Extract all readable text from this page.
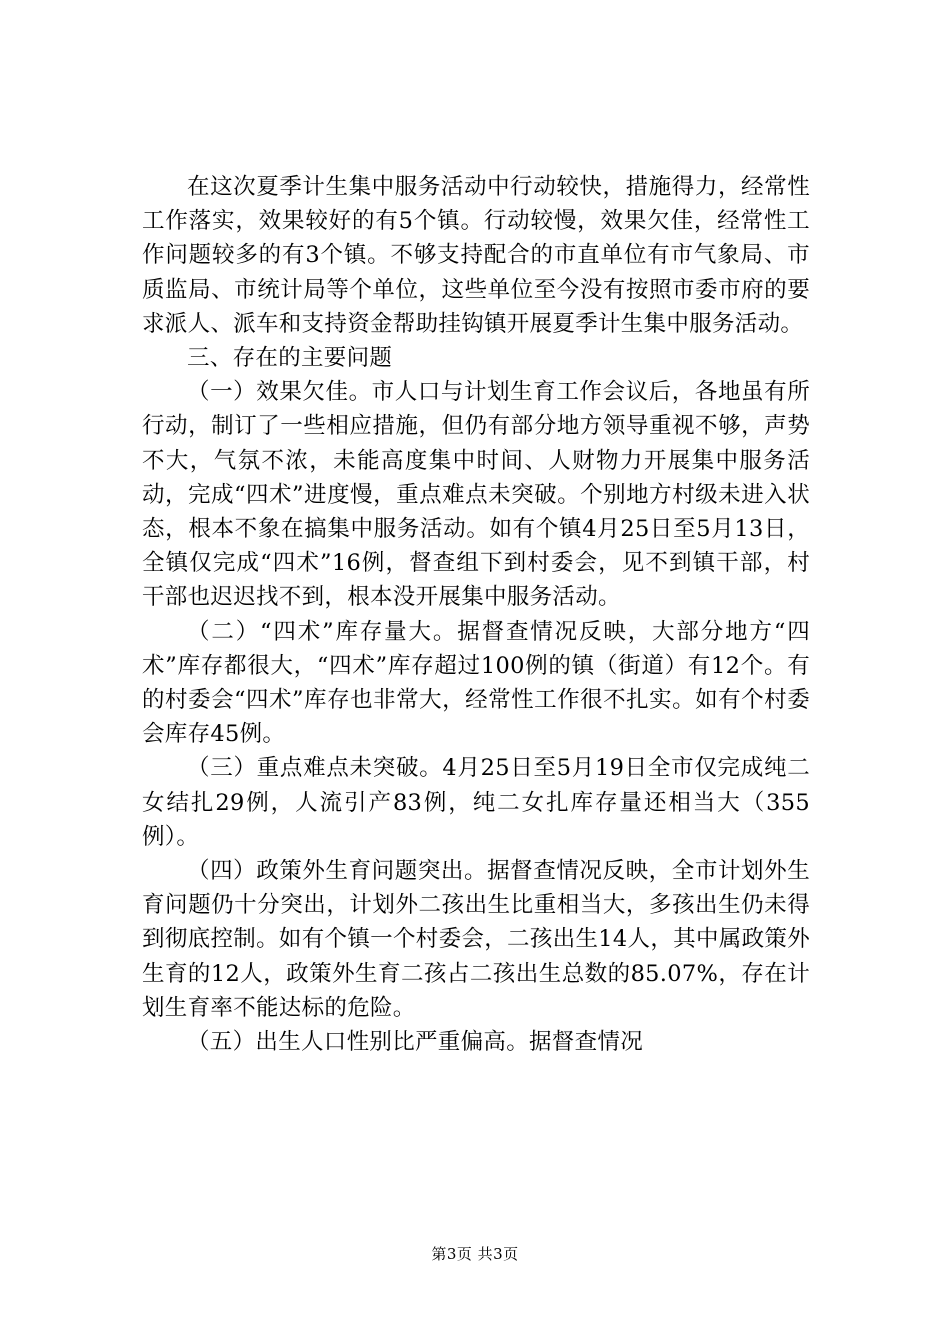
在这次夏季计生集中服务活动中行动较快，措施得力，经常性工作落实，效果较好的有5个镇。行动较慢，效果欠佳，经常性工作问题较多的有3个镇。不够支持配合的市直单位有市气象局、市质监局、市统计局等个单位，这些单位至今没有按照市委市府的要求派人、派车和支持资金帮助挂钩镇开展夏季计生集中服务活动。

三、存在的主要问题

（一）效果欠佳。市人口与计划生育工作会议后，各地虽有所行动，制订了一些相应措施，但仍有部分地方领导重视不够，声势不大，气氛不浓，未能高度集中时间、人财物力开展集中服务活动，完成“四术”进度慢，重点难点未突破。个别地方村级未进入状态，根本不象在搞集中服务活动。如有个镇4月25日至5月13日，全镇仅完成“四术”16例，督查组下到村委会，见不到镇干部，村干部也迟迟找不到，根本没开展集中服务活动。

（二）“四术”库存量大。据督查情况反映，大部分地方“四术”库存都很大，“四术”库存超过100例的镇（街道）有12个。有的村委会“四术”库存也非常大，经常性工作很不扎实。如有个村委会库存45例。

（三）重点难点未突破。4月25日至5月19日全市仅完成纯二女结扎29例，人流引产83例，纯二女扎库存量还相当大（355例）。

（四）政策外生育问题突出。据督查情况反映，全市计划外生育问题仍十分突出，计划外二孩出生比重相当大，多孩出生仍未得到彻底控制。如有个镇一个村委会，二孩出生14人，其中属政策外生育的12人，政策外生育二孩占二孩出生总数的85.07%，存在计划生育率不能达标的危险。

（五）出生人口性别比严重偏高。据督查情况

第3页 共3页
